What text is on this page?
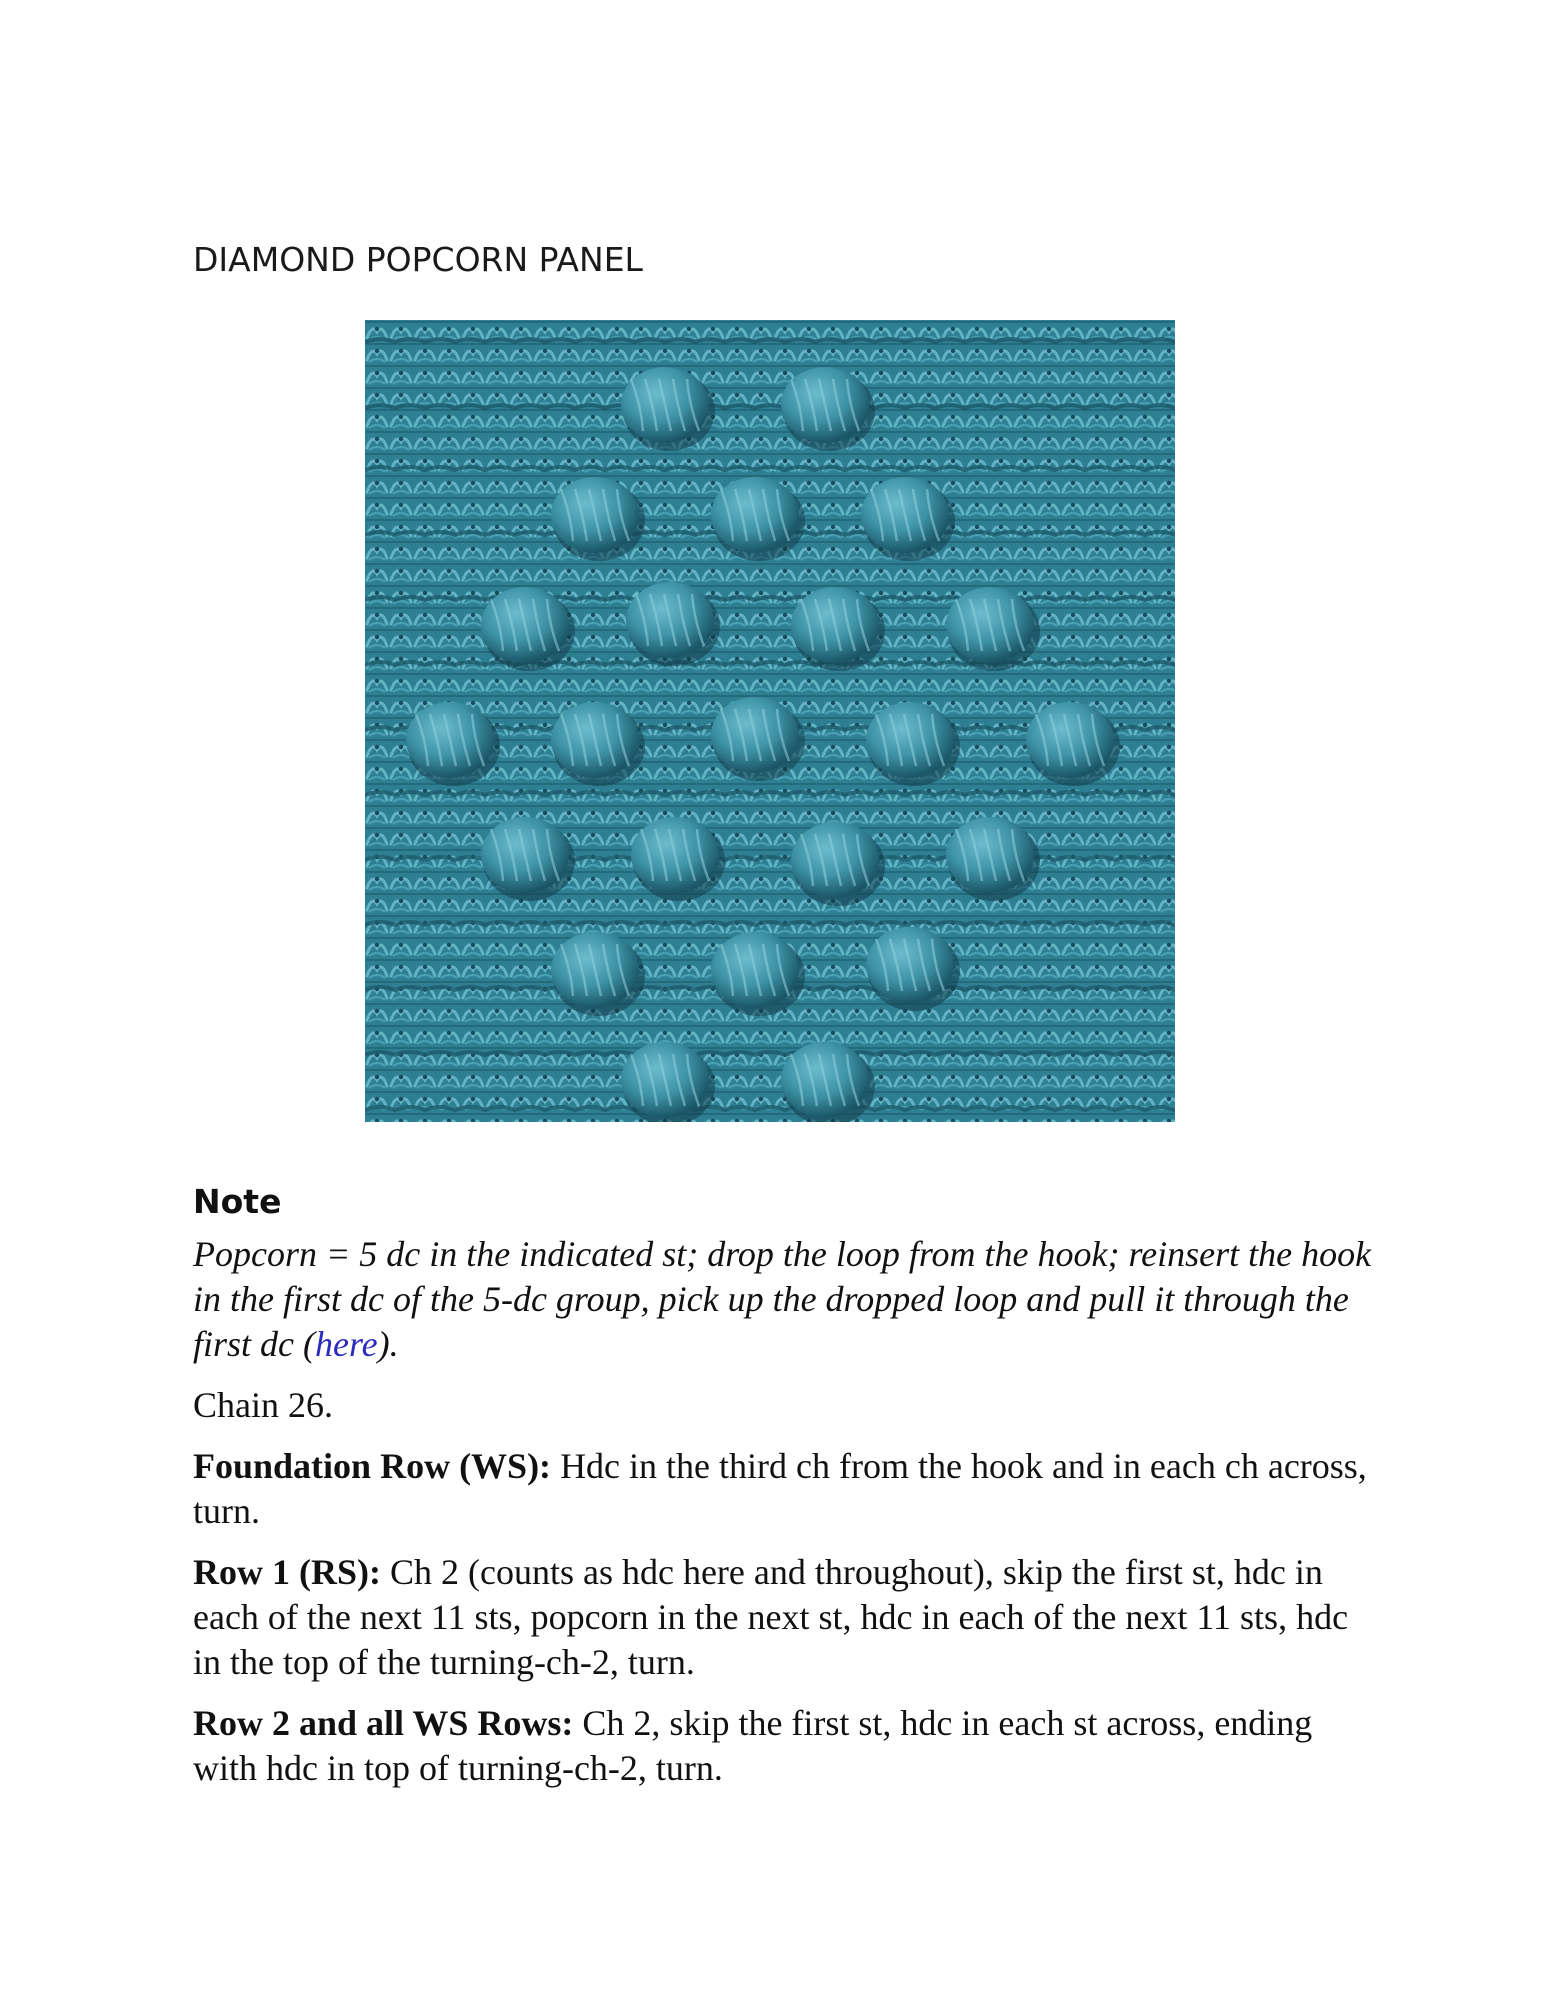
DIAMOND POPCORN PANEL
Note

Popcorn = 5 dc in the indicated st; drop the loop from the hook; reinsert the hook in the first dc of the 5-dc group, pick up the dropped loop and pull it through the first dc (here).

Chain 26.

Foundation Row (WS): Hdc in the third ch from the hook and in each ch across, turn.

Row 1 (RS): Ch 2 (counts as hdc here and throughout), skip the first st, hdc in each of the next 11 sts, popcorn in the next st, hdc in each of the next 11 sts, hdc in the top of the turning-ch-2, turn.

Row 2 and all WS Rows: Ch 2, skip the first st, hdc in each st across, ending with hdc in top of turning-ch-2, turn.
